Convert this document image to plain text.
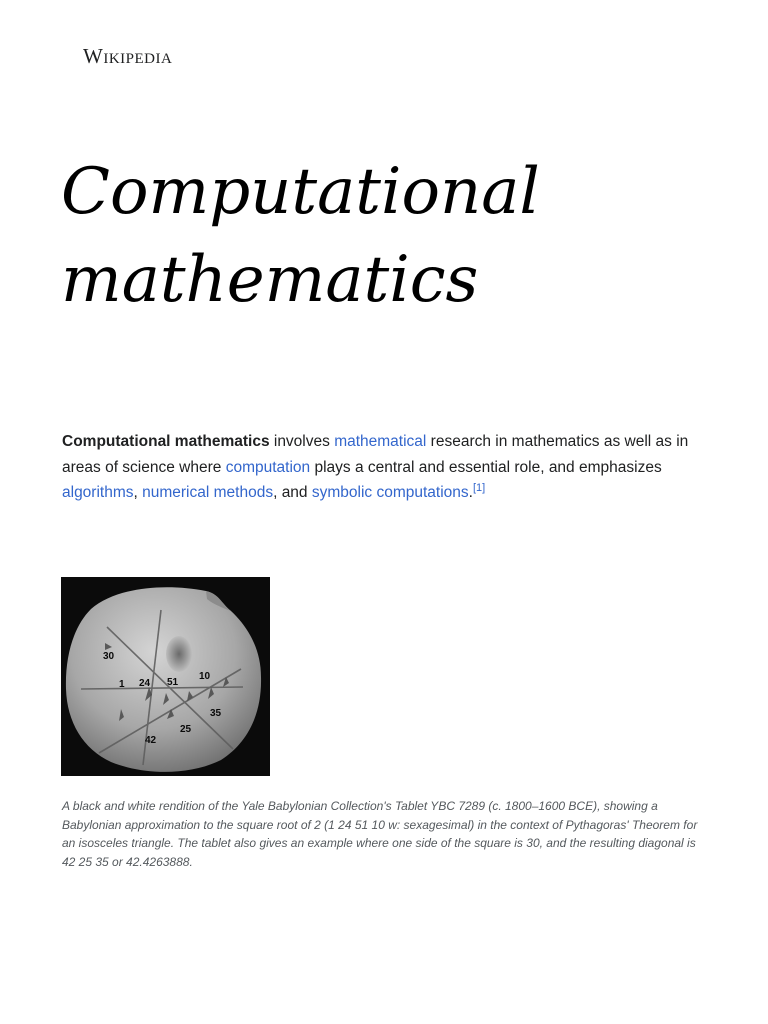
Wikipedia
Computational
mathematics

Computational mathematics involves mathematical research in mathematics as well as in areas of science where computation plays a central and essential role, and emphasizes algorithms, numerical methods, and symbolic computations.[1]

30
1 24 51
10
35
25
42

A black and white rendition of the Yale Babylonian Collection's Tablet YBC 7289 (c. 1800–1600 BCE), showing a Babylonian approximation to the square root of 2 (1 24 51 10 w: sexagesimal) in the context of Pythagoras' Theorem for an isosceles triangle. The tablet also gives an example where one side of the square is 30, and the resulting diagonal is 42 25 35 or 42.4263888.
